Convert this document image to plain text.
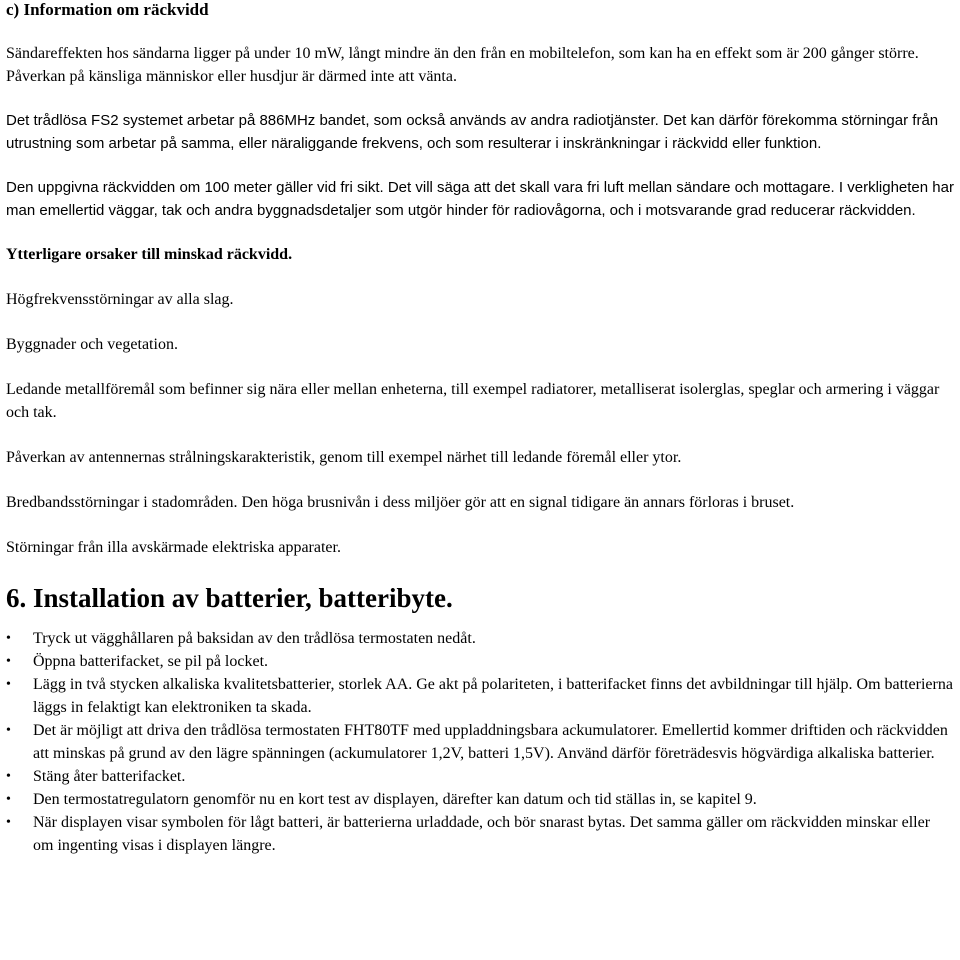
c) Information om räckvidd

Sändareffekten hos sändarna ligger på under 10 mW, långt mindre än den från en mobiltelefon, som kan ha en effekt som är 200 gånger större. Påverkan på känsliga människor eller husdjur är därmed inte att vänta.

Det trådlösa FS2 systemet arbetar på 886MHz bandet, som också används av andra radiotjänster. Det kan därför förekomma störningar från utrustning som arbetar på samma, eller näraliggande frekvens, och som resulterar i inskränkningar i räckvidd eller funktion.

Den uppgivna räckvidden om 100 meter gäller vid fri sikt. Det vill säga att det skall vara fri luft mellan sändare och mottagare. I verkligheten har man emellertid väggar, tak och andra byggnadsdetaljer som utgör hinder för radiovågorna, och i motsvarande grad reducerar räckvidden.

Ytterligare orsaker till minskad räckvidd.

Högfrekvensstörningar av alla slag.

Byggnader och vegetation.

Ledande metallföremål som befinner sig nära eller mellan enheterna, till exempel radiatorer, metalliserat isolerglas, speglar och armering i väggar och tak.

Påverkan av antennernas strålningskarakteristik, genom till exempel närhet till ledande föremål eller ytor.

Bredbandsstörningar i stadområden. Den höga brusnivån i dess miljöer gör att en signal tidigare än annars förloras i bruset.

Störningar från illa avskärmade elektriska apparater.

6. Installation av batterier, batteribyte.
•	Tryck ut vägghållaren på baksidan av den trådlösa termostaten nedåt.
•	Öppna batterifacket, se pil på locket.
•	Lägg in två stycken alkaliska kvalitetsbatterier, storlek AA. Ge akt på polariteten, i batterifacket finns det avbildningar till hjälp. Om batterierna läggs in felaktigt kan elektroniken ta skada.
•	Det är möjligt att driva den trådlösa termostaten FHT80TF med uppladdningsbara ackumulatorer. Emellertid kommer driftiden och räckvidden att minskas på grund av den lägre spänningen (ackumulatorer 1,2V, batteri 1,5V). Använd därför företrädesvis högvärdiga alkaliska batterier.
•	Stäng åter batterifacket.
•	Den termostatregulatorn genomför nu en kort test av displayen, därefter kan datum och tid ställas in, se kapitel 9.
•	När displayen visar symbolen för lågt batteri, är batterierna urladdade, och bör snarast bytas. Det samma gäller om räckvidden minskar eller om ingenting visas i displayen längre.
